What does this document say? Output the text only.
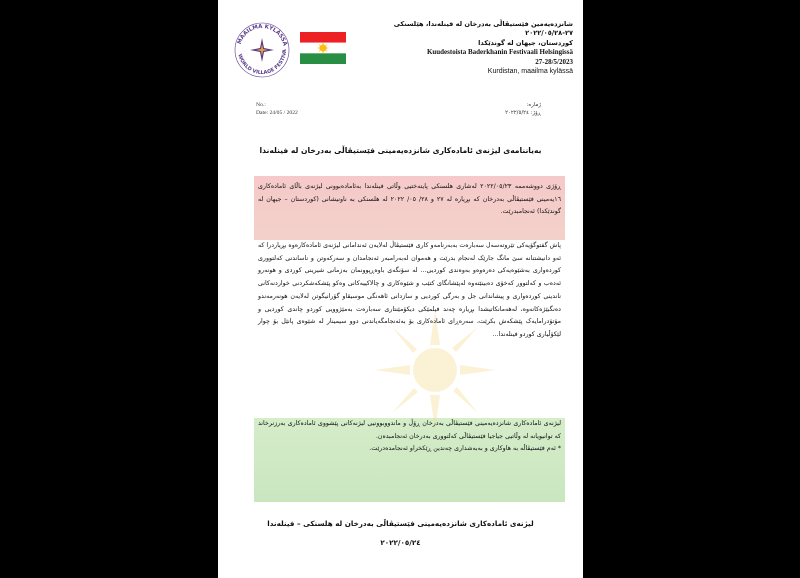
MAAILMA KYLÄSSÄ
WORLD VILLAGE FESTIVA
شانزدەیەمین فێستیڤاڵی بەدرخان لە فینلەندا، هێلسنکی ٢٧-٢٠٢٢/٠٥/٢٨
کوردستان، جیهان لە گوندێکدا
Kuudestoista Baderkhanin Festivaali Helsingissä
27-28/5/2023
Kurdistan, maailma kylässä
No.:
Date: 24/05 / 2022
ژمارە:
ڕۆژ: ٢٠٢٢/٥/٢٤
بەیاننامەی لیژنەی ئامادەکاری شانزدەیەمینی فێستیڤاڵی بەدرخان لە فینلەندا

ڕۆژی دووشەممە ٢٠٢٢/٠٥/٢٣ لەشاری هلسنکی پایتەختیی وڵاتی فینلەندا بەئامادەبوونی لیژنەی باڵای ئامادەکاری ١٦یەمینی فێستیڤاڵی بەدرخان کە بڕیارە لە ٢٧ و ٢٨/ ٠٥/ ٢٠٢٢ لە هلسنکی بە ناونیشانی (کوردستان – جیهان لە گوندێکدا) ئەنجامبدرێت.

پاش گفتوگۆیەکی تێروتەسەل سەبارەت بەبەرنامەو کاری فێستیڤاڵ لەلایەن ئەندامانی لیژنەی ئامادەکارەوە بڕیاردرا کە ئەو دانیشتنانە سێ مانگ جارێک لەنجام بدرێت و هەموان لەبەرامبەر ئەنجامدان و سەرکەوتن و ناساندنی کەلتووری کوردەواری بەشێوەیەکی دەرەوەو بەوەندی کوردیی... لە سۆنگەی باوەڕپوونمان بەزمانی شیرینی کوردی و هونەرو ئەدەب و کەلتوور کەخۆی دەبینێتەوە لەپێشانگای کتێب و شێوەکاری و چالاکییەکانی وەکو پێشکەشکردنی خواردنەکانی ناندینی کوردەواری و پیشاندانی جل و بەرگی کوردیی و سازدانی ئاهەنگی موسیقاو گۆرانیگوتن لەلایەن هونەرمەندو دەنگبێژەکانەوە، لەهەمانکاتیشدا بڕیارە چەند فیلمێکی دیکۆمێنتاری سەبارەت بەمێژوویی کوردو چاندی کوردیی و مۆتۆدرامایەک پێشکەش بکرێت، سەرەڕای ئامادەکاری بۆ بەئەنجامگەیاندنی دوو سیمینار لە شێوەی پانێل بۆ چوار لێکۆڵیاری کوردو فینلەندا...

لیژنەی ئامادەکاری شانزدەیەمینی فێستیڤاڵی بەدرخان ڕۆڵ و ماندووبوونیی لیژنەکانی پێشووی ئامادەکاری بەرزنرخاند کە توانیویانە لە وڵاتیی جیاجیا فێستیڤاڵی کەلتووری بەدرخان ئەنجامبدەن.

* ئەم فێستیڤاڵە بە هاوکاری و بەبەشداری چەندین ڕێکخراو ئەنجامدەدرێت.

لیژنەی ئامادەکاری شانزدەیەمینی فێستیڤاڵی بەدرخان لە هلسنکی – فینلەندا
٢٠٢٢/٠٥/٢٤
